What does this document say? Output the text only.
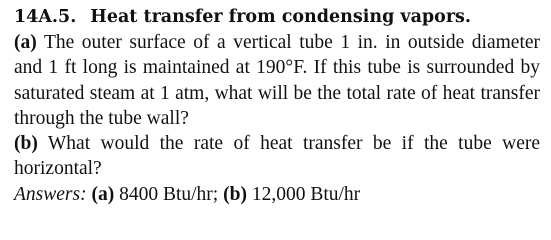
14A.5. Heat transfer from condensing vapors.

(a) The outer surface of a vertical tube 1 in. in outside diameter and 1 ft long is maintained at 190°F. If this tube is surrounded by saturated steam at 1 atm, what will be the total rate of heat transfer through the tube wall?

(b) What would the rate of heat transfer be if the tube were horizontal?

Answers: (a) 8400 Btu/hr; (b) 12,000 Btu/hr
